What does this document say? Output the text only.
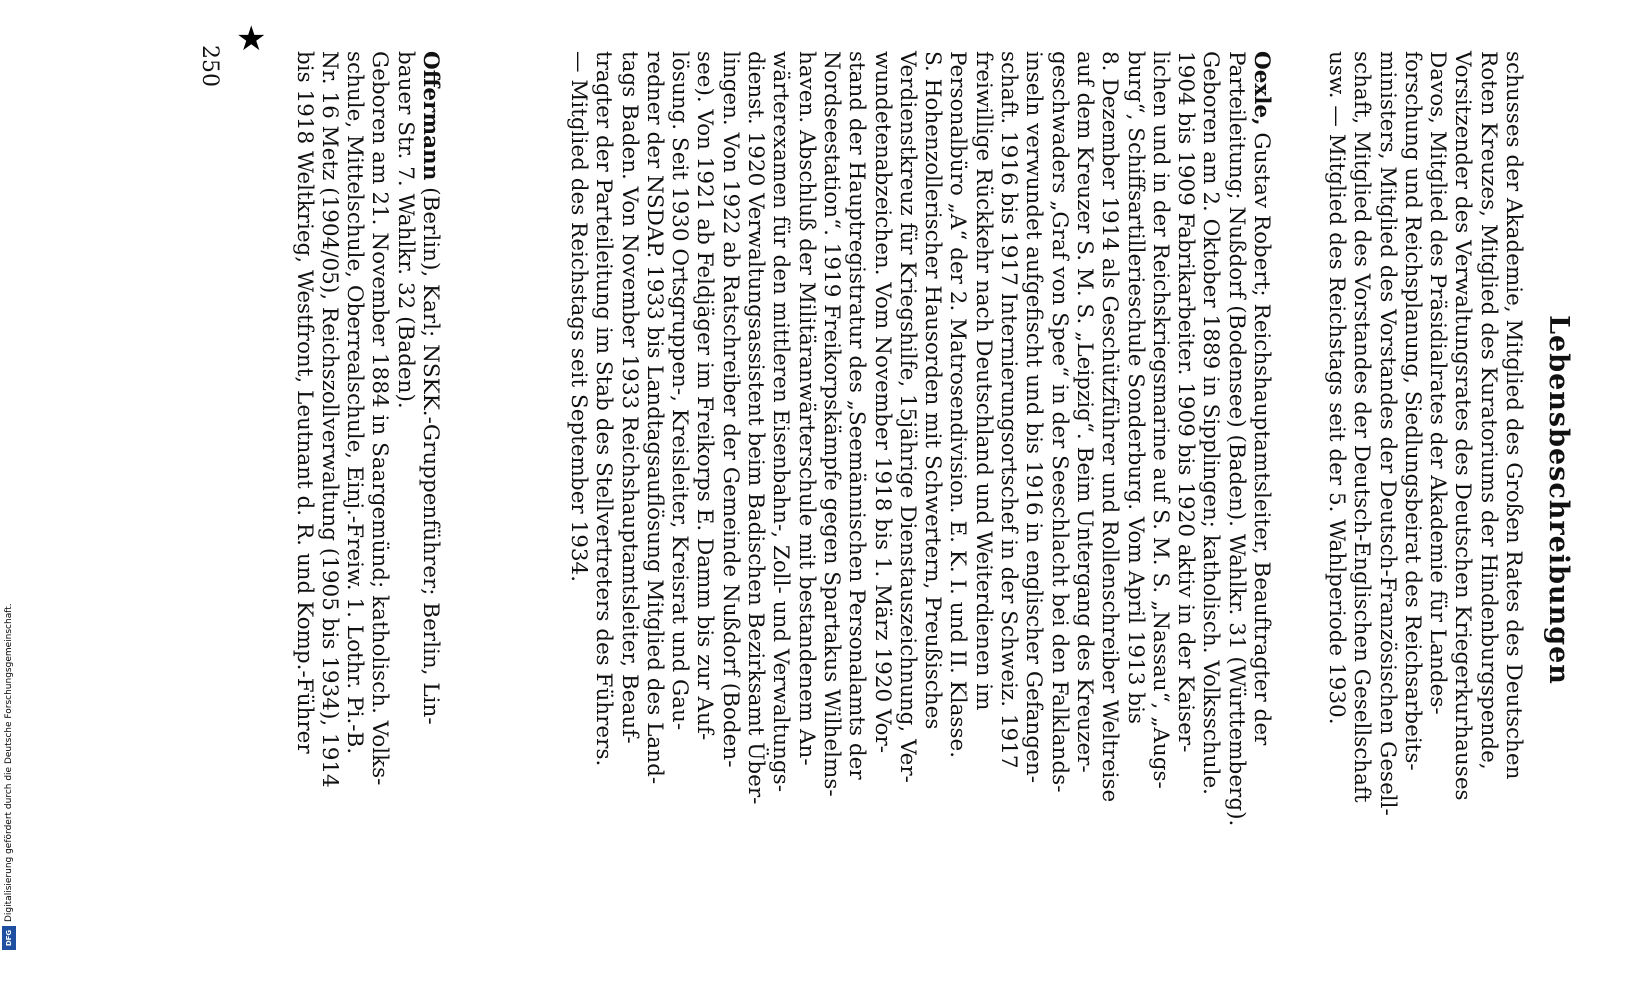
★
Lebensbeschreibungen

schusses der Akademie, Mitglied des Großen Rates des Deutschen
Roten Kreuzes, Mitglied des Kuratoriums der Hindenburgspende,
Vorsitzender des Verwaltungsrates des Deutschen Kriegerkurhauses
Davos, Mitglied des Präsidialrates der Akademie für Landes-
forschung und Reichsplanung, Siedlungsbeirat des Reichsarbeits-
ministers, Mitglied des Vorstandes der Deutsch-Französischen Gesell-
schaft, Mitglied des Vorstandes der Deutsch-Englischen Gesellschaft
usw. — Mitglied des Reichstags seit der 5. Wahlperiode 1930.

Oexle, Gustav Robert; Reichshauptamtsleiter, Beauftragter der
Parteileitung; Nußdorf (Bodensee) (Baden). Wahlkr. 31 (Württemberg).
Geboren am 2. Oktober 1889 in Sipplingen; katholisch. Volksschule.
1904 bis 1909 Fabrikarbeiter. 1909 bis 1920 aktiv in der Kaiser-
lichen und in der Reichskriegsmarine auf S. M. S. „Nassau“, „Augs-
burg“, Schiffsartillerieschule Sonderburg. Vom April 1913 bis
8. Dezember 1914 als Geschützführer und Rollenschreiber Weltreise
auf dem Kreuzer S. M. S. „Leipzig“. Beim Untergang des Kreuzer-
geschwaders „Graf von Spee“ in der Seeschlacht bei den Falklands-
inseln verwundet aufgefischt und bis 1916 in englischer Gefangen-
schaft. 1916 bis 1917 Internierungsortschef in der Schweiz. 1917
freiwillige Rückkehr nach Deutschland und Weiterdienen im
Personalbüro „A“ der 2. Matrosendivision. E. K. I. und II. Klasse.
S. Hohenzollerischer Hausorden mit Schwertern, Preußisches
Verdienstkreuz für Kriegshilfe, 15jährige Dienstauszeichnung, Ver-
wundetenabzeichen. Vom November 1918 bis 1. März 1920 Vor-
stand der Hauptregistratur des „Seemännischen Personalamts der
Nordseestation“. 1919 Freikorpskämpfe gegen Spartakus Wilhelms-
haven. Abschluß der Militäranwärterschule mit bestandenem An-
wärterexamen für den mittleren Eisenbahn-, Zoll- und Verwaltungs-
dienst. 1920 Verwaltungsassistent beim Badischen Bezirksamt Über-
lingen. Von 1922 ab Ratschreiber der Gemeinde Nußdorf (Boden-
see). Von 1921 ab Feldjäger im Freikorps E. Damm bis zur Auf-
lösung. Seit 1930 Ortsgruppen-, Kreisleiter, Kreisrat und Gau-
redner der NSDAP. 1933 bis Landtagsauflösung Mitglied des Land-
tags Baden. Von November 1933 Reichshauptamtsleiter, Beauf-
tragter der Parteileitung im Stab des Stellvertreters des Führers.
— Mitglied des Reichstags seit September 1934.

Offermann (Berlin), Karl; NSKK.-Gruppenführer; Berlin, Lin-
bauer Str. 7. Wahlkr. 32 (Baden).
Geboren am 21. November 1884 in Saargemünd; katholisch. Volks-
schule, Mittelschule, Oberrealschule, Einj.-Freiw. 1. Lothr. Pi.-B.
Nr. 16 Metz (1904/05), Reichszollverwaltung (1905 bis 1934), 1914
bis 1918 Weltkrieg, Westfront, Leutnant d. R. und Komp.-Führer

250
Digitalisierung gefördert durch die Deutsche Forschungsgemeinschaft.
DFG
